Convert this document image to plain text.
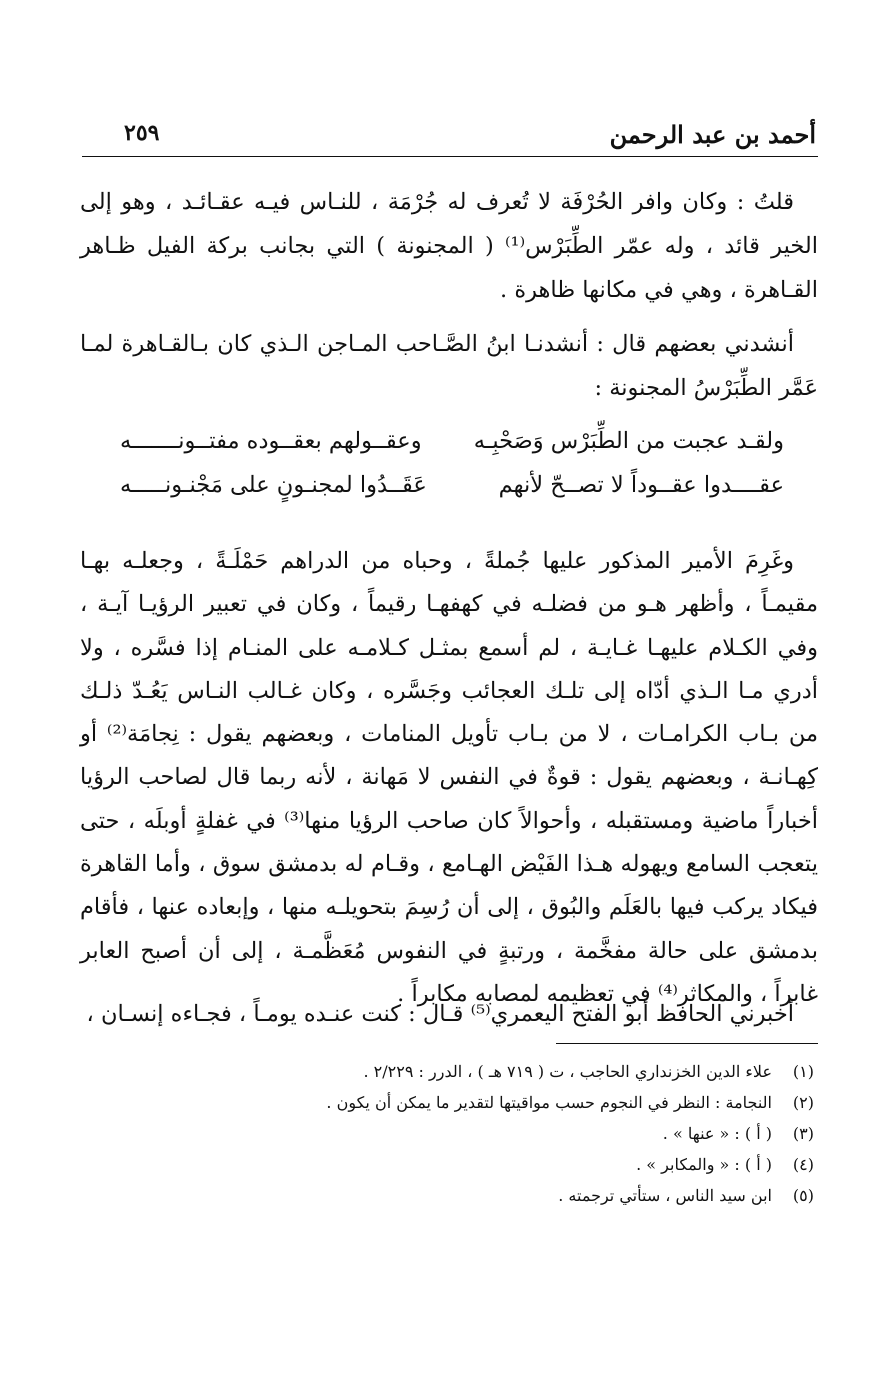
أحمد بن عبد الرحمن
٢٥٩

قلتُ : وكان وافر الحُرْفَة لا تُعرف له جُرْمَة ، للنـاس فيـه عقـائـد ، وهو إلى الخير قائد ، وله عمّر الطِّبَرْس⁽¹⁾ ( المجنونة ) التي بجانب بركة الفيل ظـاهر القـاهرة ، وهي في مكانها ظاهرة .

أنشدني بعضهم قال : أنشدنـا ابنُ الصَّـاحب المـاجن الـذي كان بـالقـاهرة لمـا عَمَّر الطِّبَرْسُ المجنونة :

ولقـد عجبت من الطِّبَرْس وَصَحْبِـه
وعقــولهم بعقــوده مفتــونـــــــه
عقــــدوا عقــوداً لا تصــحّ لأنهم
عَقَــدُوا لمجنـونٍ على مَجْنـونـــــه

وغَرِمَ الأمير المذكور عليها جُملةً ، وحباه من الدراهم حَمْلَـةً ، وجعلـه بهـا مقيمـاً ، وأظهر هـو من فضلـه في كهفهـا رقيماً ، وكان في تعبير الرؤيـا آيـة ، وفي الكـلام عليهـا غـايـة ، لم أسمع بمثـل كـلامـه على المنـام إذا فسَّره ، ولا أدري مـا الـذي أدّاه إلى تلـك العجائب وجَسَّره ، وكان غـالب النـاس يَعُـدّ ذلـك من بـاب الكرامـات ، لا من بـاب تأويل المنامات ، وبعضهم يقول : نِجامَة⁽²⁾ أو كِهـانـة ، وبعضهم يقول : قوةٌ في النفس لا مَهانة ، لأنه ربما قال لصاحب الرؤيا أخباراً ماضية ومستقبله ، وأحوالاً كان صاحب الرؤيا منها⁽³⁾ في غفلةٍ أوبلَه ، حتى يتعجب السامع ويهوله هـذا الفَيْض الهـامع ، وقـام له بدمشق سوق ، وأما القاهرة فيكاد يركب فيها بالعَلَم والبُوق ، إلى أن رُسِمَ بتحويلـه منها ، وإبعاده عنها ، فأقام بدمشق على حالة مفخَّمة ، ورتبةٍ في النفوس مُعَظَّمـة ، إلى أن أصبح العابر غابراً ، والمكاثر⁽⁴⁾ في تعظيمه لمصابه مكابراً .

أخبرني الحافظ أبو الفتح اليعمري⁽⁵⁾ قـال : كنت عنـده يومـاً ، فجـاءه إنسـان ،

(١)
علاء الدين الخزنداري الحاجب ، ت ( ٧١٩ هـ ) ، الدرر : ٢/٢٢٩ .
(٢)
النجامة : النظر في النجوم حسب مواقيتها لتقدير ما يمكن أن يكون .
(٣)
( أ ) : « عنها » .
(٤)
( أ ) : « والمكابر » .
(٥)
ابن سيد الناس ، ستأتي ترجمته .
